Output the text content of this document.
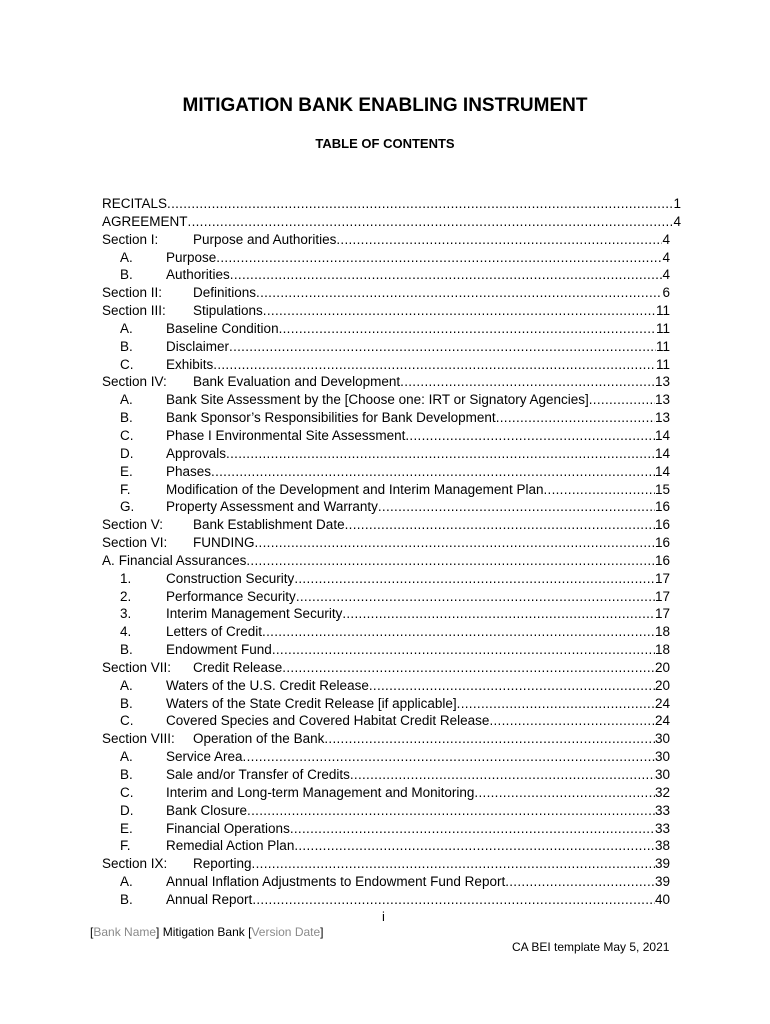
MITIGATION BANK ENABLING INSTRUMENT
TABLE OF CONTENTS
RECITALS .....	1
AGREEMENT .....	4
Section I:	Purpose and Authorities .....	4
A.	Purpose .....	4
B.	Authorities .....	4
Section II:	Definitions .....	6
Section III:	Stipulations .....	11
A.	Baseline Condition .....	11
B.	Disclaimer .....	11
C.	Exhibits .....	11
Section IV:	Bank Evaluation and Development .....	13
A.	Bank Site Assessment by the [Choose one: IRT or Signatory Agencies] .....	13
B.	Bank Sponsor’s Responsibilities for Bank Development .....	13
C.	Phase I Environmental Site Assessment .....	14
D.	Approvals .....	14
E.	Phases .....	14
F.	Modification of the Development and Interim Management Plan .....	15
G.	Property Assessment and Warranty .....	16
Section V:	Bank Establishment Date .....	16
Section VI:	FUNDING .....	16
A. Financial Assurances .....	16
1.	Construction Security .....	17
2.	Performance Security .....	17
3.	Interim Management Security .....	17
4.	Letters of Credit .....	18
B.	Endowment Fund .....	18
Section VII:	Credit Release .....	20
A.	Waters of the U.S. Credit Release .....	20
B.	Waters of the State Credit Release [if applicable] .....	24
C.	Covered Species and Covered Habitat Credit Release .....	24
Section VIII:	Operation of the Bank .....	30
A.	Service Area .....	30
B.	Sale and/or Transfer of Credits .....	30
C.	Interim and Long-term Management and Monitoring .....	32
D.	Bank Closure .....	33
E.	Financial Operations .....	33
F.	Remedial Action Plan .....	38
Section IX:	Reporting .....	39
A.	Annual Inflation Adjustments to Endowment Fund Report .....	39
B.	Annual Report .....	40
i
[Bank Name] Mitigation Bank [Version Date]
CA BEI template May 5, 2021
